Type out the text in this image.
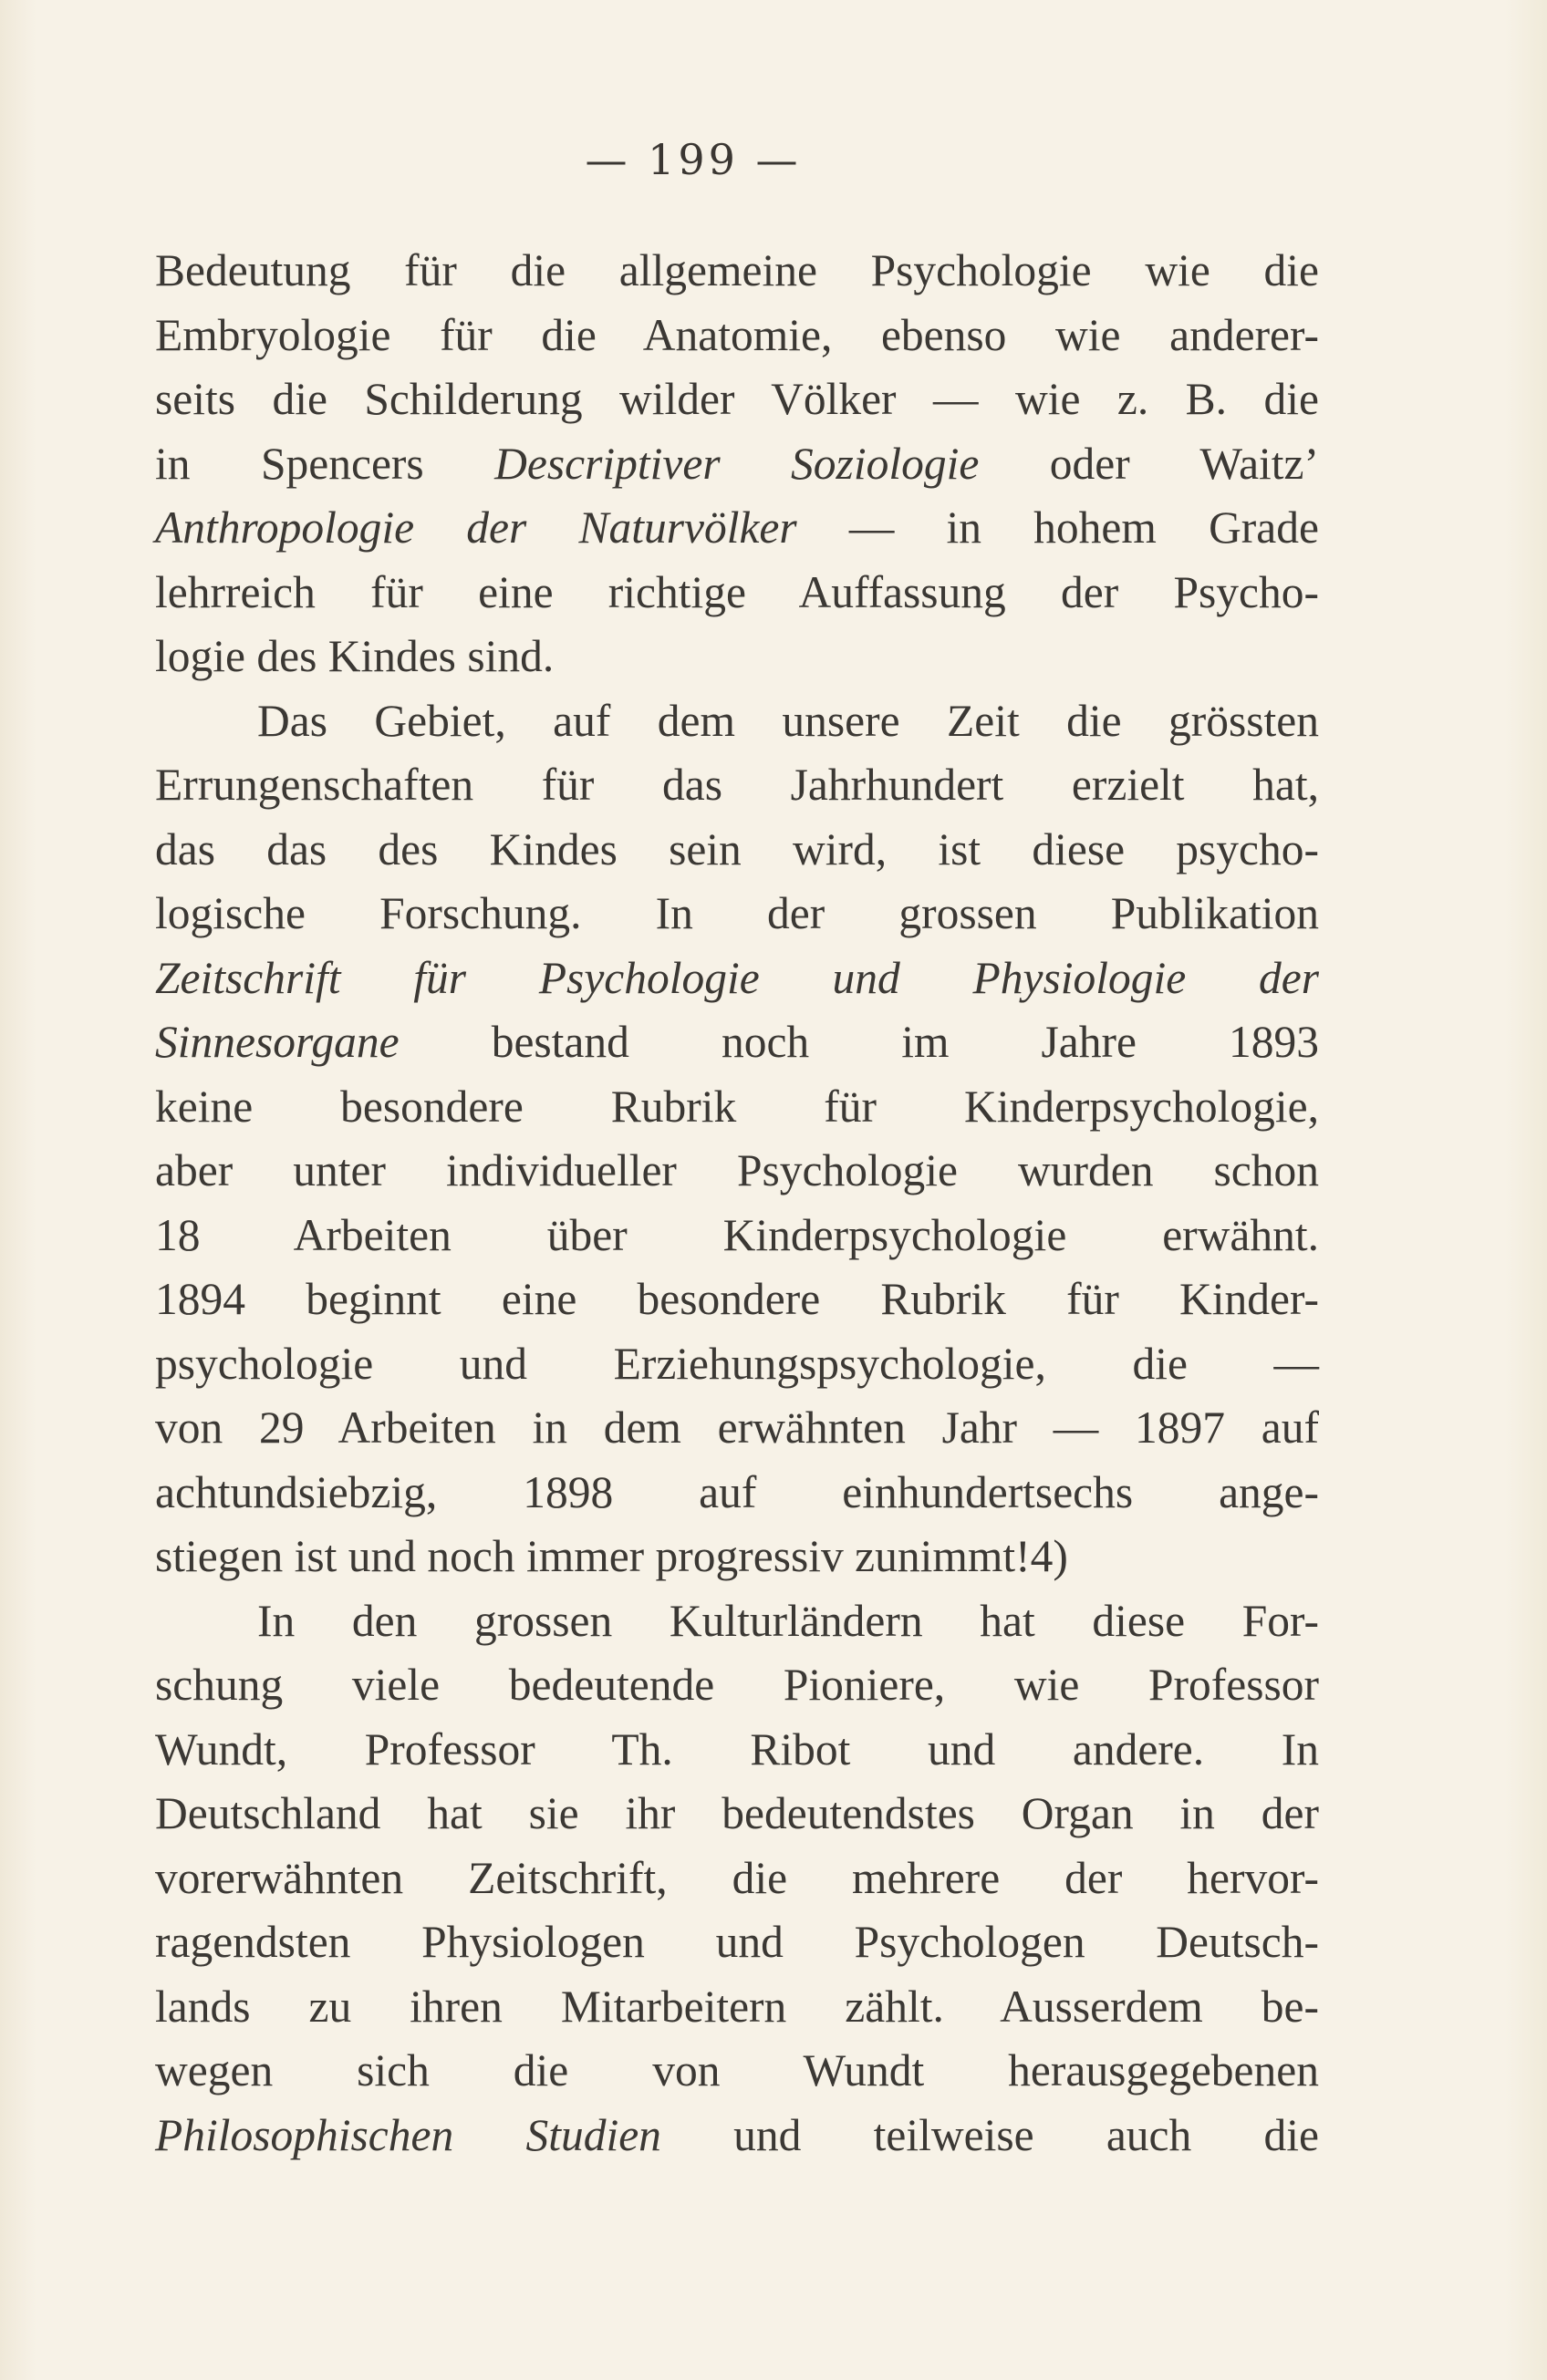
— 199 —
Bedeutung für die allgemeine Psychologie wie die
Embryologie für die Anatomie, ebenso wie anderer-
seits die Schilderung wilder Völker — wie z. B. die
in Spencers Descriptiver Soziologie oder Waitz’
Anthropologie der Naturvölker — in hohem Grade
lehrreich für eine richtige Auffassung der Psycho-
logie des Kindes sind.
Das Gebiet, auf dem unsere Zeit die grössten
Errungenschaften für das Jahrhundert erzielt hat,
das das des Kindes sein wird, ist diese psycho-
logische Forschung. In der grossen Publikation
Zeitschrift für Psychologie und Physiologie der
Sinnesorgane bestand noch im Jahre 1893
keine besondere Rubrik für Kinderpsychologie,
aber unter individueller Psychologie wurden schon
18 Arbeiten über Kinderpsychologie erwähnt.
1894 beginnt eine besondere Rubrik für Kinder-
psychologie und Erziehungspsychologie, die —
von 29 Arbeiten in dem erwähnten Jahr — 1897 auf
achtundsiebzig, 1898 auf einhundertsechs ange-
stiegen ist und noch immer progressiv zunimmt!4)
In den grossen Kulturländern hat diese For-
schung viele bedeutende Pioniere, wie Professor
Wundt, Professor Th. Ribot und andere. In
Deutschland hat sie ihr bedeutendstes Organ in der
vorerwähnten Zeitschrift, die mehrere der hervor-
ragendsten Physiologen und Psychologen Deutsch-
lands zu ihren Mitarbeitern zählt. Ausserdem be-
wegen sich die von Wundt herausgegebenen
Philosophischen Studien und teilweise auch die
